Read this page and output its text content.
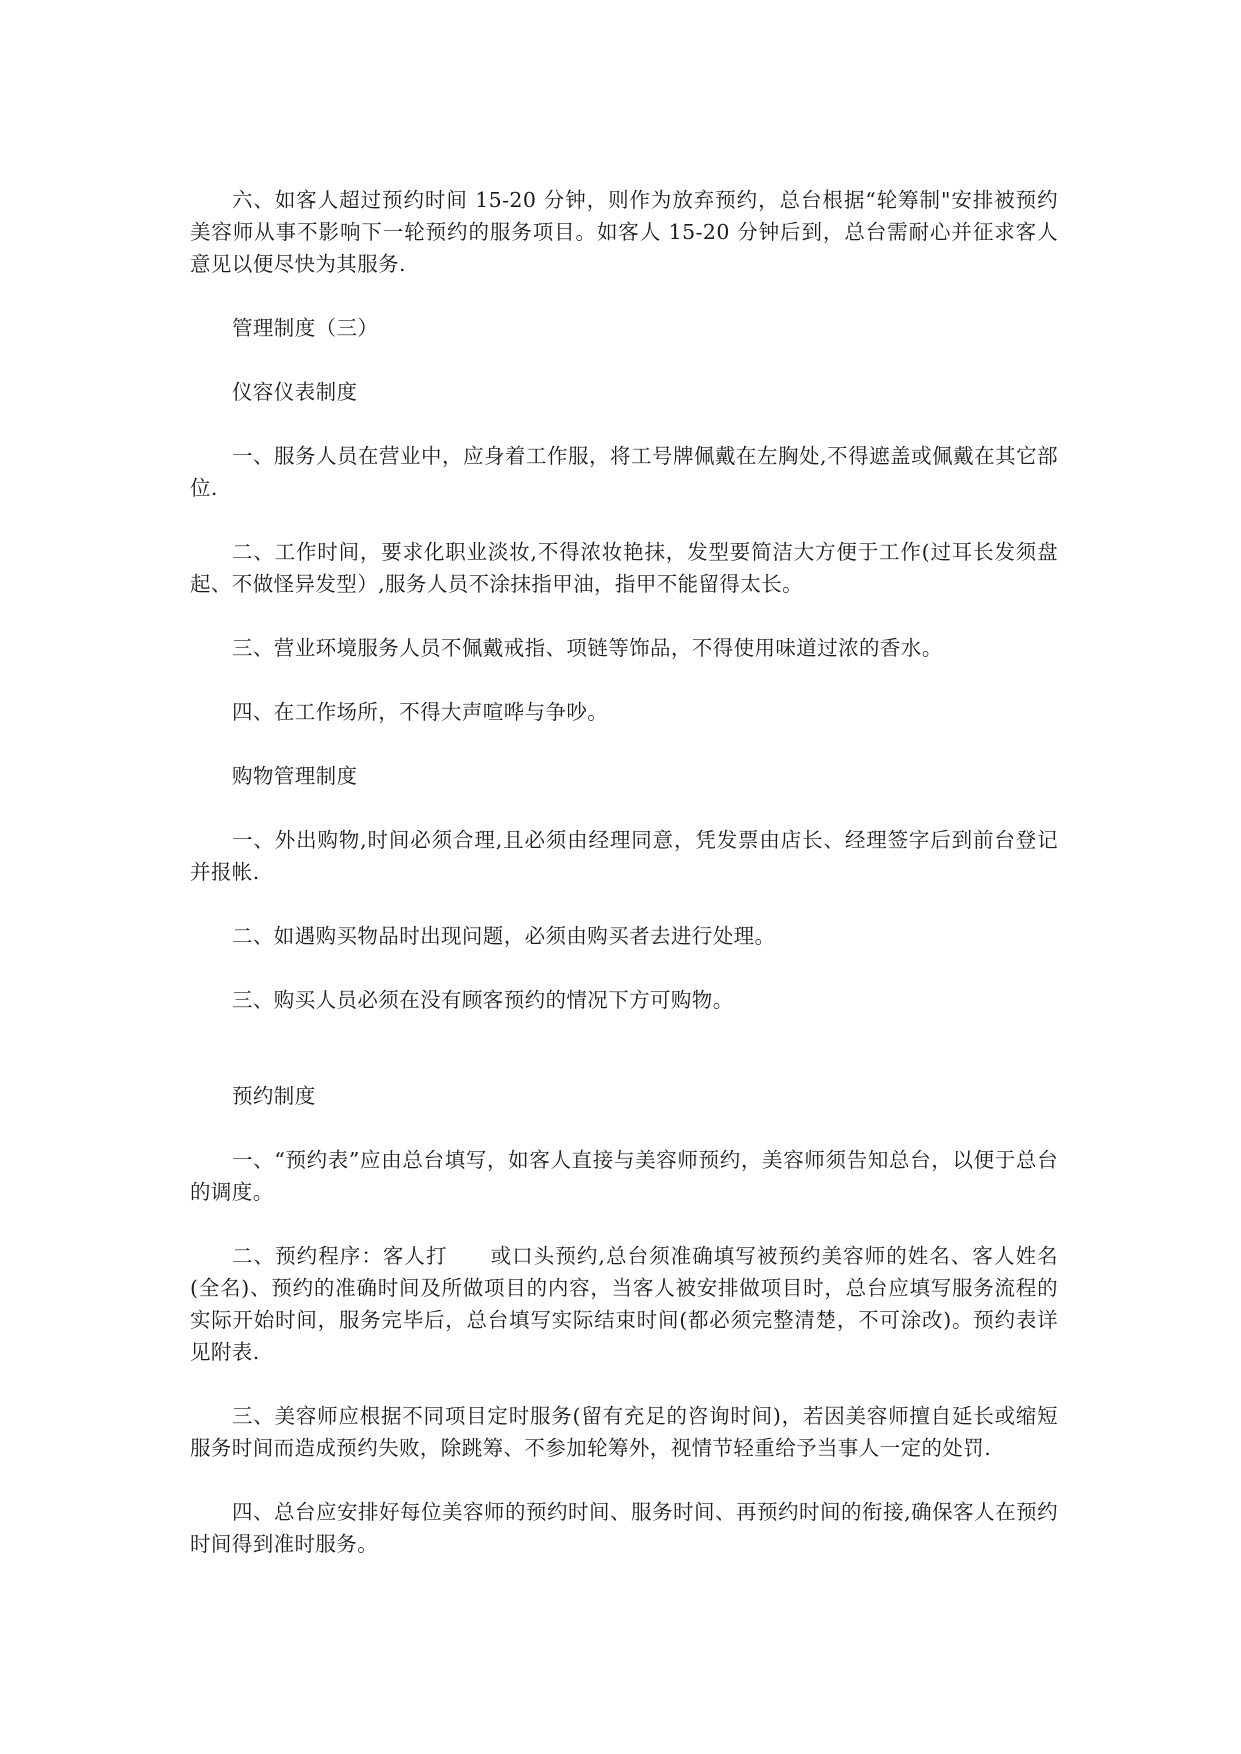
六、如客人超过预约时间 15-20 分钟，则作为放弃预约，总台根据“轮筹制"安排被预约美容师从事不影响下一轮预约的服务项目。如客人 15-20 分钟后到，总台需耐心并征求客人意见以便尽快为其服务.

管理制度（三）

仪容仪表制度

一、服务人员在营业中，应身着工作服，将工号牌佩戴在左胸处,不得遮盖或佩戴在其它部位.

二、工作时间，要求化职业淡妆,不得浓妆艳抹，发型要简洁大方便于工作(过耳长发须盘起、不做怪异发型）,服务人员不涂抹指甲油，指甲不能留得太长。

三、营业环境服务人员不佩戴戒指、项链等饰品，不得使用味道过浓的香水。

四、在工作场所，不得大声喧哗与争吵。

购物管理制度

一、外出购物,时间必须合理,且必须由经理同意，凭发票由店长、经理签字后到前台登记并报帐.

二、如遇购买物品时出现问题，必须由购买者去进行处理。

三、购买人员必须在没有顾客预约的情况下方可购物。

预约制度

一、“预约表”应由总台填写，如客人直接与美容师预约，美容师须告知总台，以便于总台的调度。

二、预约程序：客人打　　或口头预约,总台须准确填写被预约美容师的姓名、客人姓名(全名)、预约的准确时间及所做项目的内容，当客人被安排做项目时，总台应填写服务流程的实际开始时间，服务完毕后，总台填写实际结束时间(都必须完整清楚，不可涂改)。预约表详见附表.

三、美容师应根据不同项目定时服务(留有充足的咨询时间)，若因美容师擅自延长或缩短服务时间而造成预约失败，除跳筹、不参加轮筹外，视情节轻重给予当事人一定的处罚.

四、总台应安排好每位美容师的预约时间、服务时间、再预约时间的衔接,确保客人在预约时间得到准时服务。
